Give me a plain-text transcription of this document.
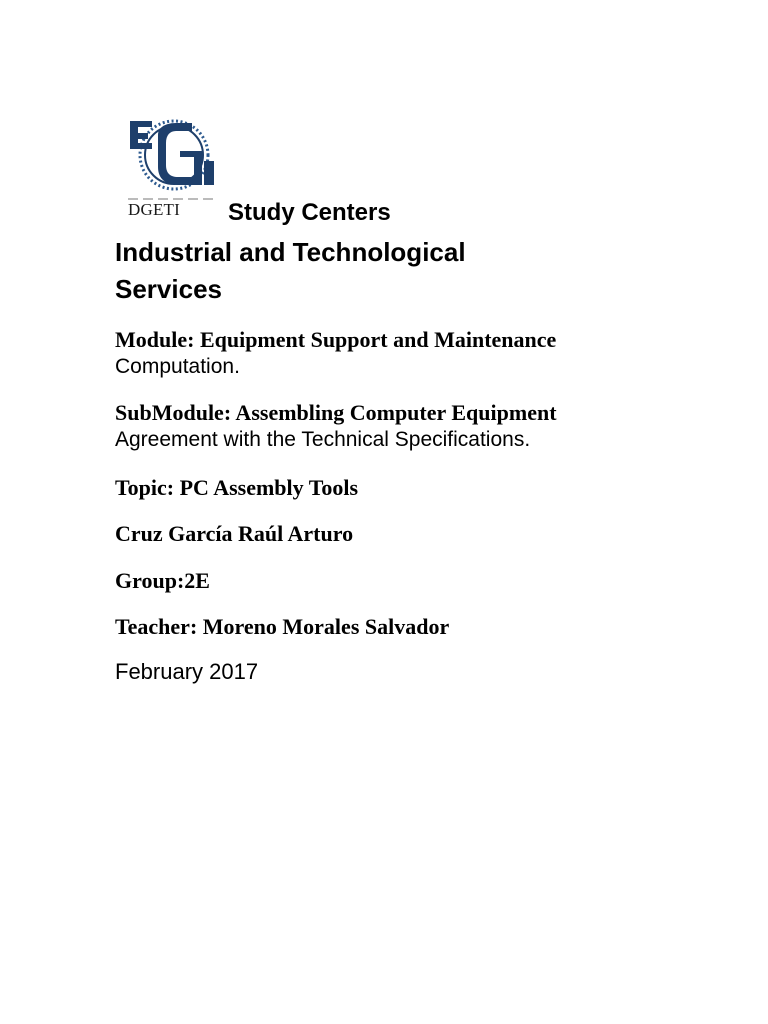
DGETI Study Centers
Industrial and Technological
Services
Module: Equipment Support and Maintenance
Computation.
SubModule: Assembling Computer Equipment
Agreement with the Technical Specifications.
Topic: PC Assembly Tools
Cruz García Raúl Arturo
Group:2E
Teacher: Moreno Morales Salvador
February 2017
